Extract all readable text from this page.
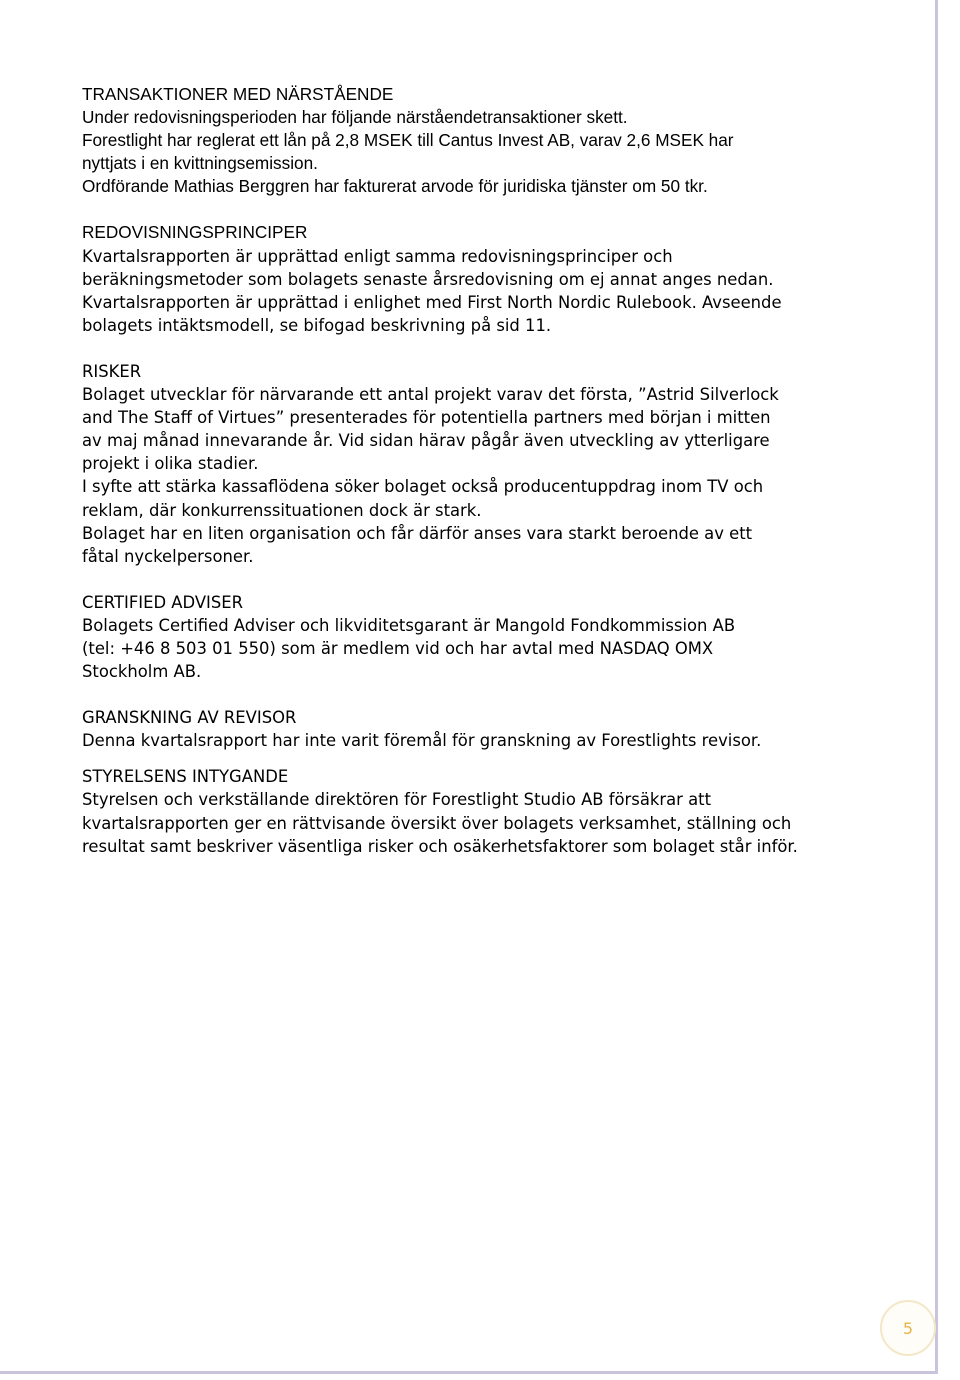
TRANSAKTIONER MED NÄRSTÅENDE
Under redovisningsperioden har följande närståendetransaktioner skett.
Forestlight har reglerat ett lån på 2,8 MSEK till Cantus Invest AB, varav 2,6 MSEK har
nyttjats i en kvittningsemission.
Ordförande Mathias Berggren har fakturerat arvode för juridiska tjänster om 50 tkr.
REDOVISNINGSPRINCIPER
Kvartalsrapporten är upprättad enligt samma redovisningsprinciper och
beräkningsmetoder som bolagets senaste årsredovisning om ej annat anges nedan.
Kvartalsrapporten är upprättad i enlighet med First North Nordic Rulebook. Avseende
bolagets intäktsmodell, se bifogad beskrivning på sid 11.
RISKER
Bolaget utvecklar för närvarande ett antal projekt varav det första, ”Astrid Silverlock
and The Staff of Virtues” presenterades för potentiella partners med början i mitten
av maj månad innevarande år. Vid sidan härav pågår även utveckling av ytterligare
projekt i olika stadier.
I syfte att stärka kassaflödena söker bolaget också producentuppdrag inom TV och
reklam, där konkurrenssituationen dock är stark.
Bolaget har en liten organisation och får därför anses vara starkt beroende av ett
fåtal nyckelpersoner.
CERTIFIED ADVISER
Bolagets Certified Adviser och likviditetsgarant är Mangold Fondkommission AB
(tel: +46 8 503 01 550) som är medlem vid och har avtal med NASDAQ OMX
Stockholm AB.
GRANSKNING AV REVISOR
Denna kvartalsrapport har inte varit föremål för granskning av Forestlights revisor.
STYRELSENS INTYGANDE
Styrelsen och verkställande direktören för Forestlight Studio AB försäkrar att
kvartalsrapporten ger en rättvisande översikt över bolagets verksamhet, ställning och
resultat samt beskriver väsentliga risker och osäkerhetsfaktorer som bolaget står inför.
5
